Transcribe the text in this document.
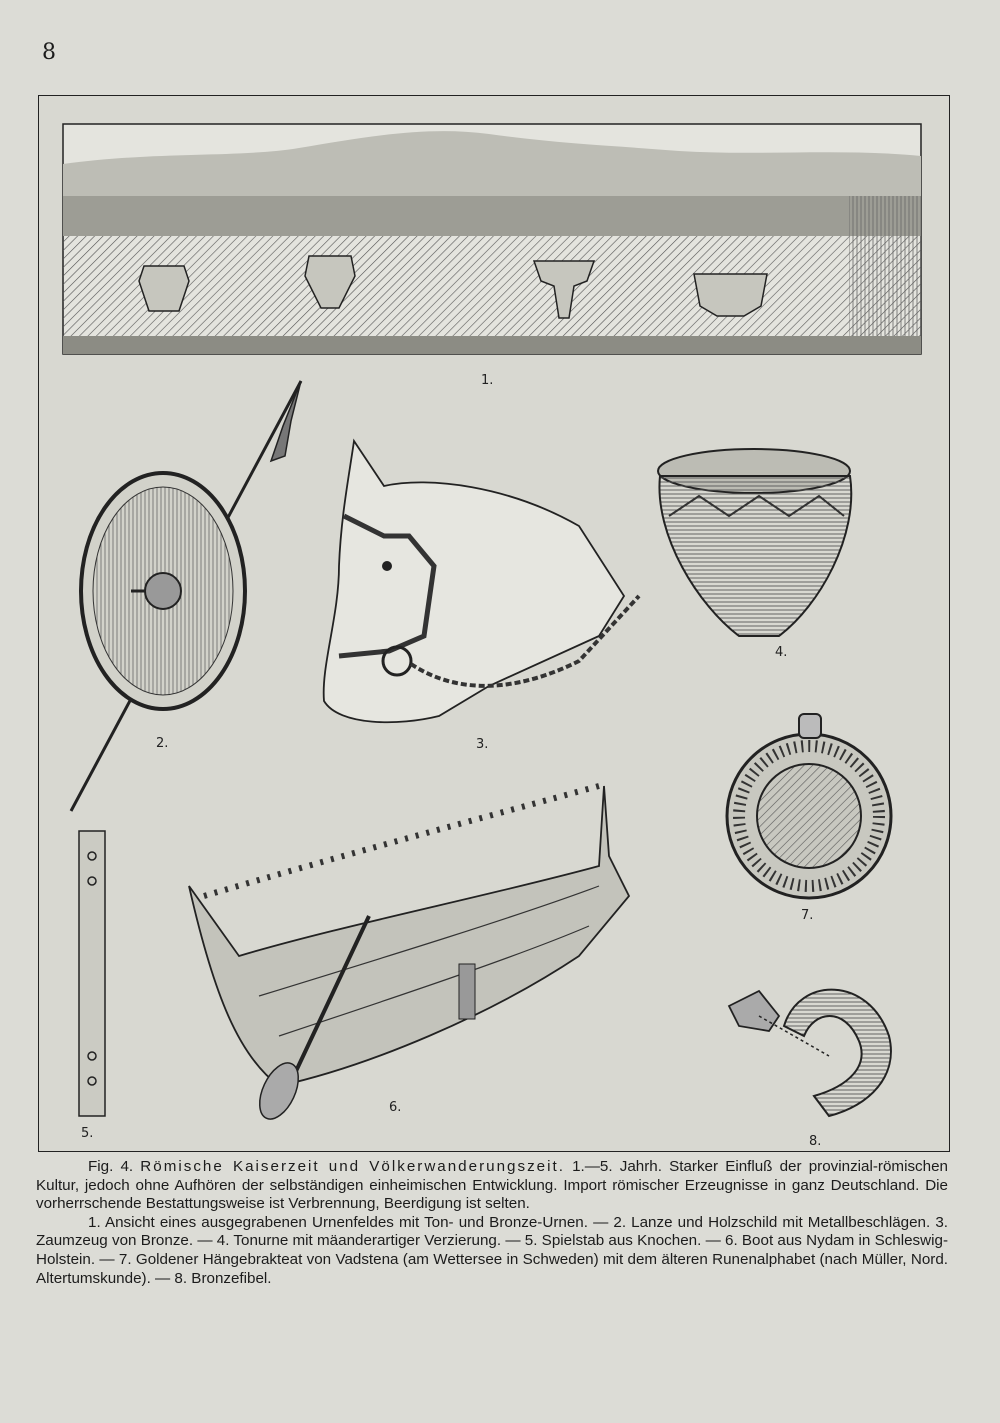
8
1.
2.	3.
4.
5.
6.
7.
8.

Fig. 4. Römische Kaiserzeit und Völkerwanderungszeit. 1.—5. Jahrh. Starker Einfluß der provinzial-römischen Kultur, jedoch ohne Aufhören der selbständigen einheimischen Entwicklung. Import römischer Erzeugnisse in ganz Deutschland. Die vorherrschende Bestattungsweise ist Verbrennung, Beerdigung ist selten.

1. Ansicht eines ausgegrabenen Urnenfeldes mit Ton- und Bronze-Urnen. — 2. Lanze und Holzschild mit Metallbeschlägen. 3. Zaumzeug von Bronze. — 4. Tonurne mit mäanderartiger Verzierung. — 5. Spielstab aus Knochen. — 6. Boot aus Nydam in Schleswig-Holstein. — 7. Goldener Hängebrakteat von Vadstena (am Wettersee in Schweden) mit dem älteren Runenalphabet (nach Müller, Nord. Altertumskunde). — 8. Bronzefibel.
